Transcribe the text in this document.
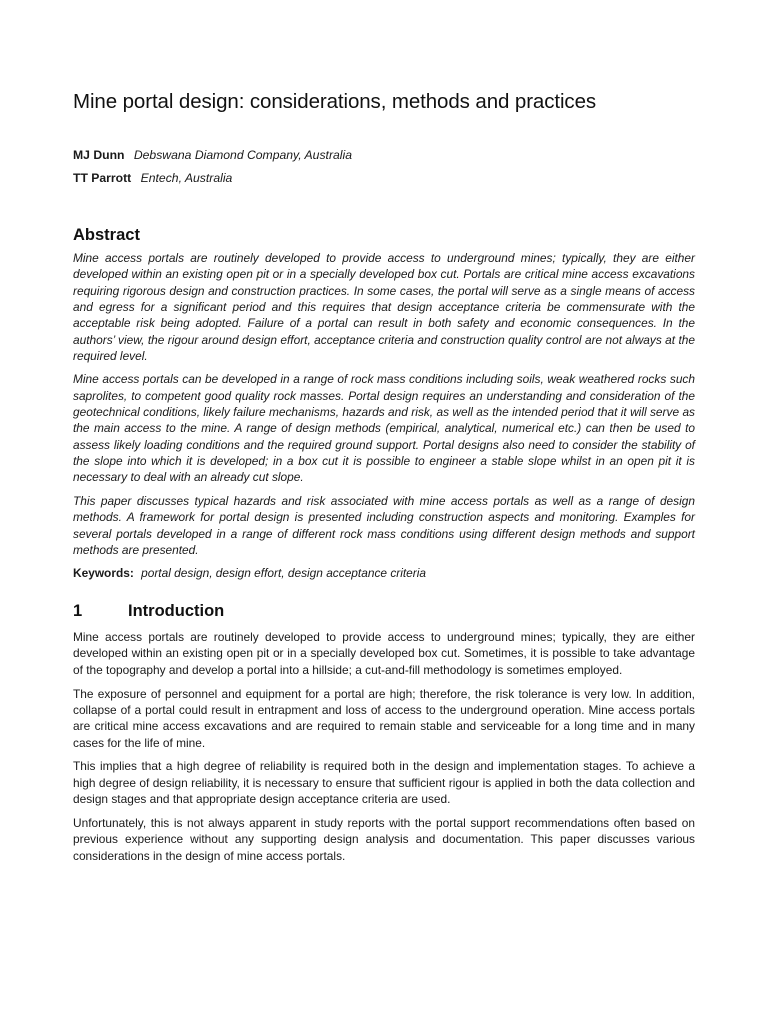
Mine portal design: considerations, methods and practices
MJ Dunn Debswana Diamond Company, Australia
TT Parrott Entech, Australia
Abstract

Mine access portals are routinely developed to provide access to underground mines; typically, they are either developed within an existing open pit or in a specially developed box cut. Portals are critical mine access excavations requiring rigorous design and construction practices. In some cases, the portal will serve as a single means of access and egress for a significant period and this requires that design acceptance criteria be commensurate with the acceptable risk being adopted. Failure of a portal can result in both safety and economic consequences. In the authors’ view, the rigour around design effort, acceptance criteria and construction quality control are not always at the required level.

Mine access portals can be developed in a range of rock mass conditions including soils, weak weathered rocks such saprolites, to competent good quality rock masses. Portal design requires an understanding and consideration of the geotechnical conditions, likely failure mechanisms, hazards and risk, as well as the intended period that it will serve as the main access to the mine. A range of design methods (empirical, analytical, numerical etc.) can then be used to assess likely loading conditions and the required ground support. Portal designs also need to consider the stability of the slope into which it is developed; in a box cut it is possible to engineer a stable slope whilst in an open pit it is necessary to deal with an already cut slope.

This paper discusses typical hazards and risk associated with mine access portals as well as a range of design methods. A framework for portal design is presented including construction aspects and monitoring. Examples for several portals developed in a range of different rock mass conditions using different design methods and support methods are presented.

Keywords: portal design, design effort, design acceptance criteria

1	Introduction

Mine access portals are routinely developed to provide access to underground mines; typically, they are either developed within an existing open pit or in a specially developed box cut. Sometimes, it is possible to take advantage of the topography and develop a portal into a hillside; a cut-and-fill methodology is sometimes employed.

The exposure of personnel and equipment for a portal are high; therefore, the risk tolerance is very low. In addition, collapse of a portal could result in entrapment and loss of access to the underground operation. Mine access portals are critical mine access excavations and are required to remain stable and serviceable for a long time and in many cases for the life of mine.

This implies that a high degree of reliability is required both in the design and implementation stages. To achieve a high degree of design reliability, it is necessary to ensure that sufficient rigour is applied in both the data collection and design stages and that appropriate design acceptance criteria are used.

Unfortunately, this is not always apparent in study reports with the portal support recommendations often based on previous experience without any supporting design analysis and documentation. This paper discusses various considerations in the design of mine access portals.
